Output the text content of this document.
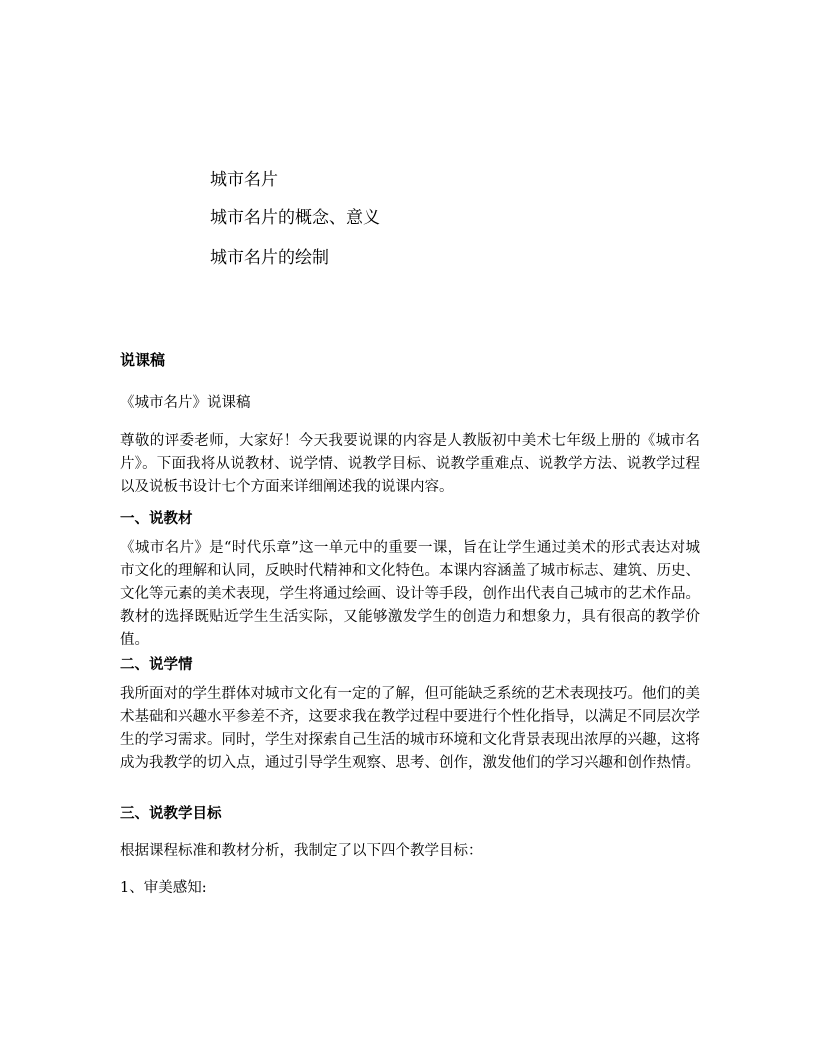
城市名片
城市名片的概念、意义
城市名片的绘制
说课稿
《城市名片》说课稿
尊敬的评委老师，大家好！今天我要说课的内容是人教版初中美术七年级上册的《城市名片》。下面我将从说教材、说学情、说教学目标、说教学重难点、说教学方法、说教学过程以及说板书设计七个方面来详细阐述我的说课内容。
一、说教材
《城市名片》是“时代乐章”这一单元中的重要一课，旨在让学生通过美术的形式表达对城市文化的理解和认同，反映时代精神和文化特色。本课内容涵盖了城市标志、建筑、历史、文化等元素的美术表现，学生将通过绘画、设计等手段，创作出代表自己城市的艺术作品。教材的选择既贴近学生生活实际，又能够激发学生的创造力和想象力，具有很高的教学价值。
二、说学情
我所面对的学生群体对城市文化有一定的了解，但可能缺乏系统的艺术表现技巧。他们的美术基础和兴趣水平参差不齐，这要求我在教学过程中要进行个性化指导，以满足不同层次学生的学习需求。同时，学生对探索自己生活的城市环境和文化背景表现出浓厚的兴趣，这将成为我教学的切入点，通过引导学生观察、思考、创作，激发他们的学习兴趣和创作热情。
三、说教学目标
根据课程标准和教材分析，我制定了以下四个教学目标：
1、审美感知:
